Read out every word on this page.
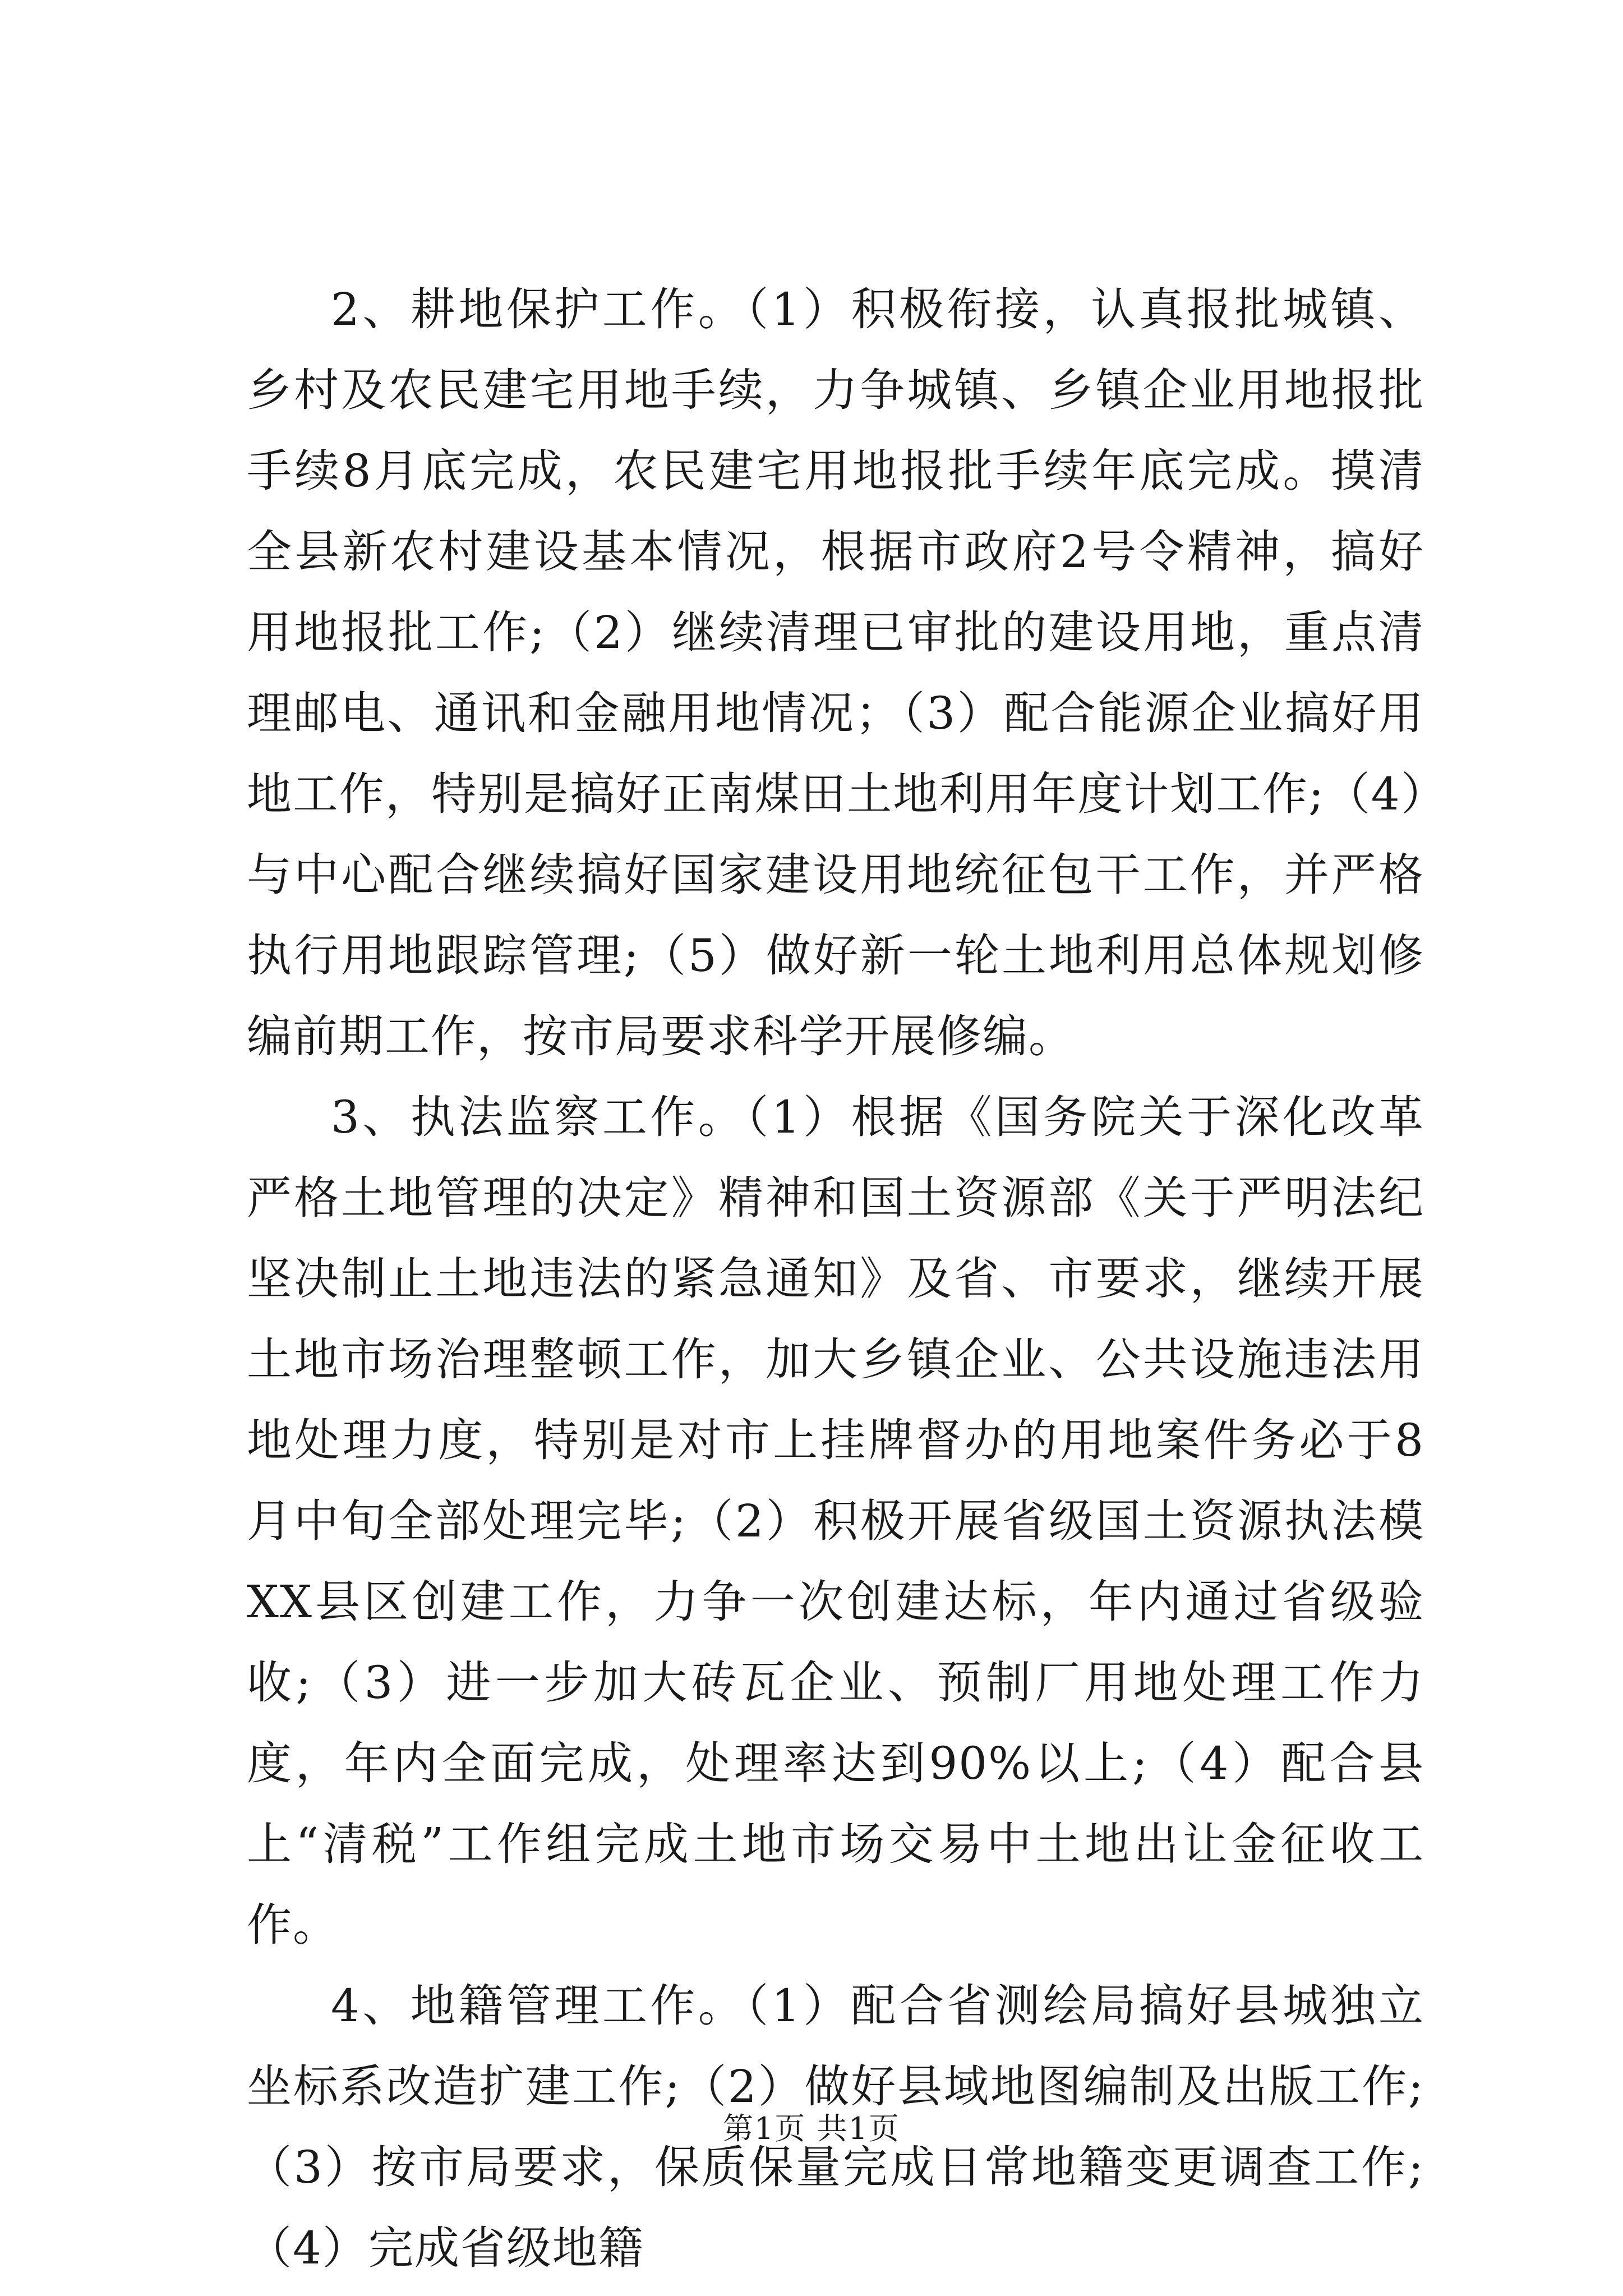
2、耕地保护工作。（1）积极衔接，认真报批城镇、乡村及农民建宅用地手续，力争城镇、乡镇企业用地报批手续8月底完成，农民建宅用地报批手续年底完成。摸清全县新农村建设基本情况，根据市政府2号令精神，搞好用地报批工作;（2）继续清理已审批的建设用地，重点清理邮电、通讯和金融用地情况；（3）配合能源企业搞好用地工作，特别是搞好正南煤田土地利用年度计划工作;（4）与中心配合继续搞好国家建设用地统征包干工作，并严格执行用地跟踪管理;（5）做好新一轮土地利用总体规划修编前期工作，按市局要求科学开展修编。

3、执法监察工作。（1）根据《国务院关于深化改革严格土地管理的决定》精神和国土资源部《关于严明法纪坚决制止土地违法的紧急通知》及省、市要求，继续开展土地市场治理整顿工作，加大乡镇企业、公共设施违法用地处理力度，特别是对市上挂牌督办的用地案件务必于8月中旬全部处理完毕;（2）积极开展省级国土资源执法模XX县区创建工作，力争一次创建达标，年内通过省级验收;（3）进一步加大砖瓦企业、预制厂用地处理工作力度，年内全面完成，处理率达到90%以上;（4）配合县上“清税”工作组完成土地市场交易中土地出让金征收工作。

4、地籍管理工作。（1）配合省测绘局搞好县城独立坐标系改造扩建工作;（2）做好县域地图编制及出版工作;（3）按市局要求，保质保量完成日常地籍变更调查工作;（4）完成省级地籍

第1页 共1页
